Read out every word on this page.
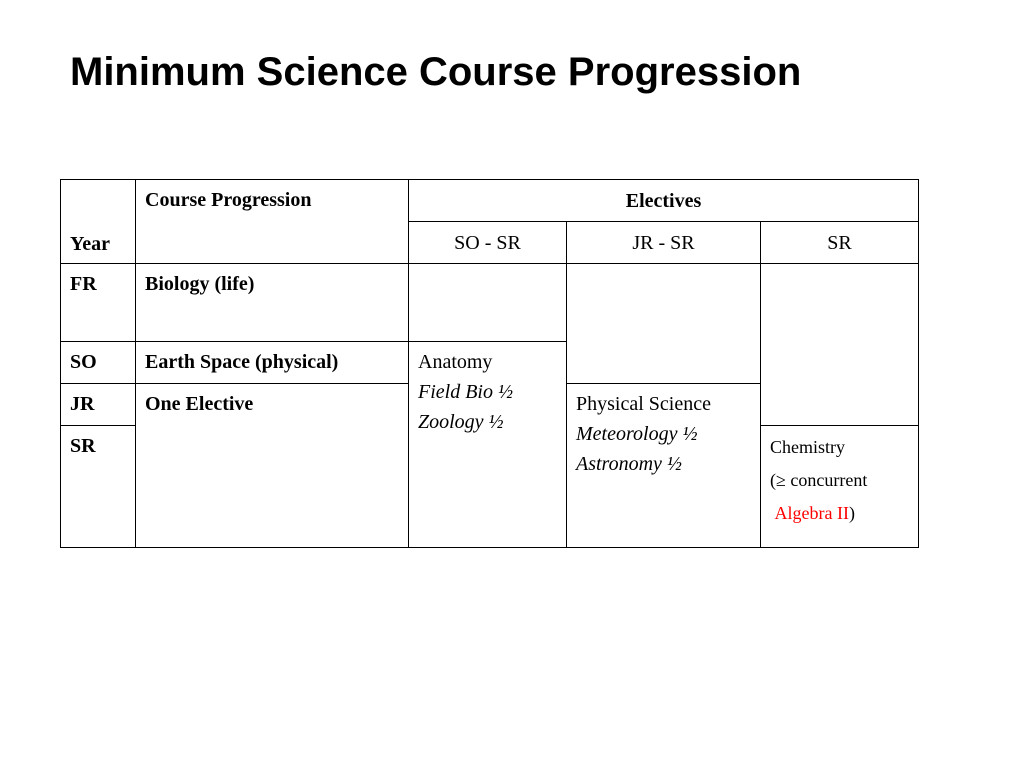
Minimum Science Course Progression
Year	Course Progression	Electives		
		SO - SR	JR - SR	SR
FR	Biology (life)			
SO	Earth Space (physical)	Anatomy
Field Bio ½
Zoology ½		

JR	One Elective		Physical Science
Meteorology ½
Astronomy ½	

SR				Chemistry
(≥ concurrent
Algebra II)
